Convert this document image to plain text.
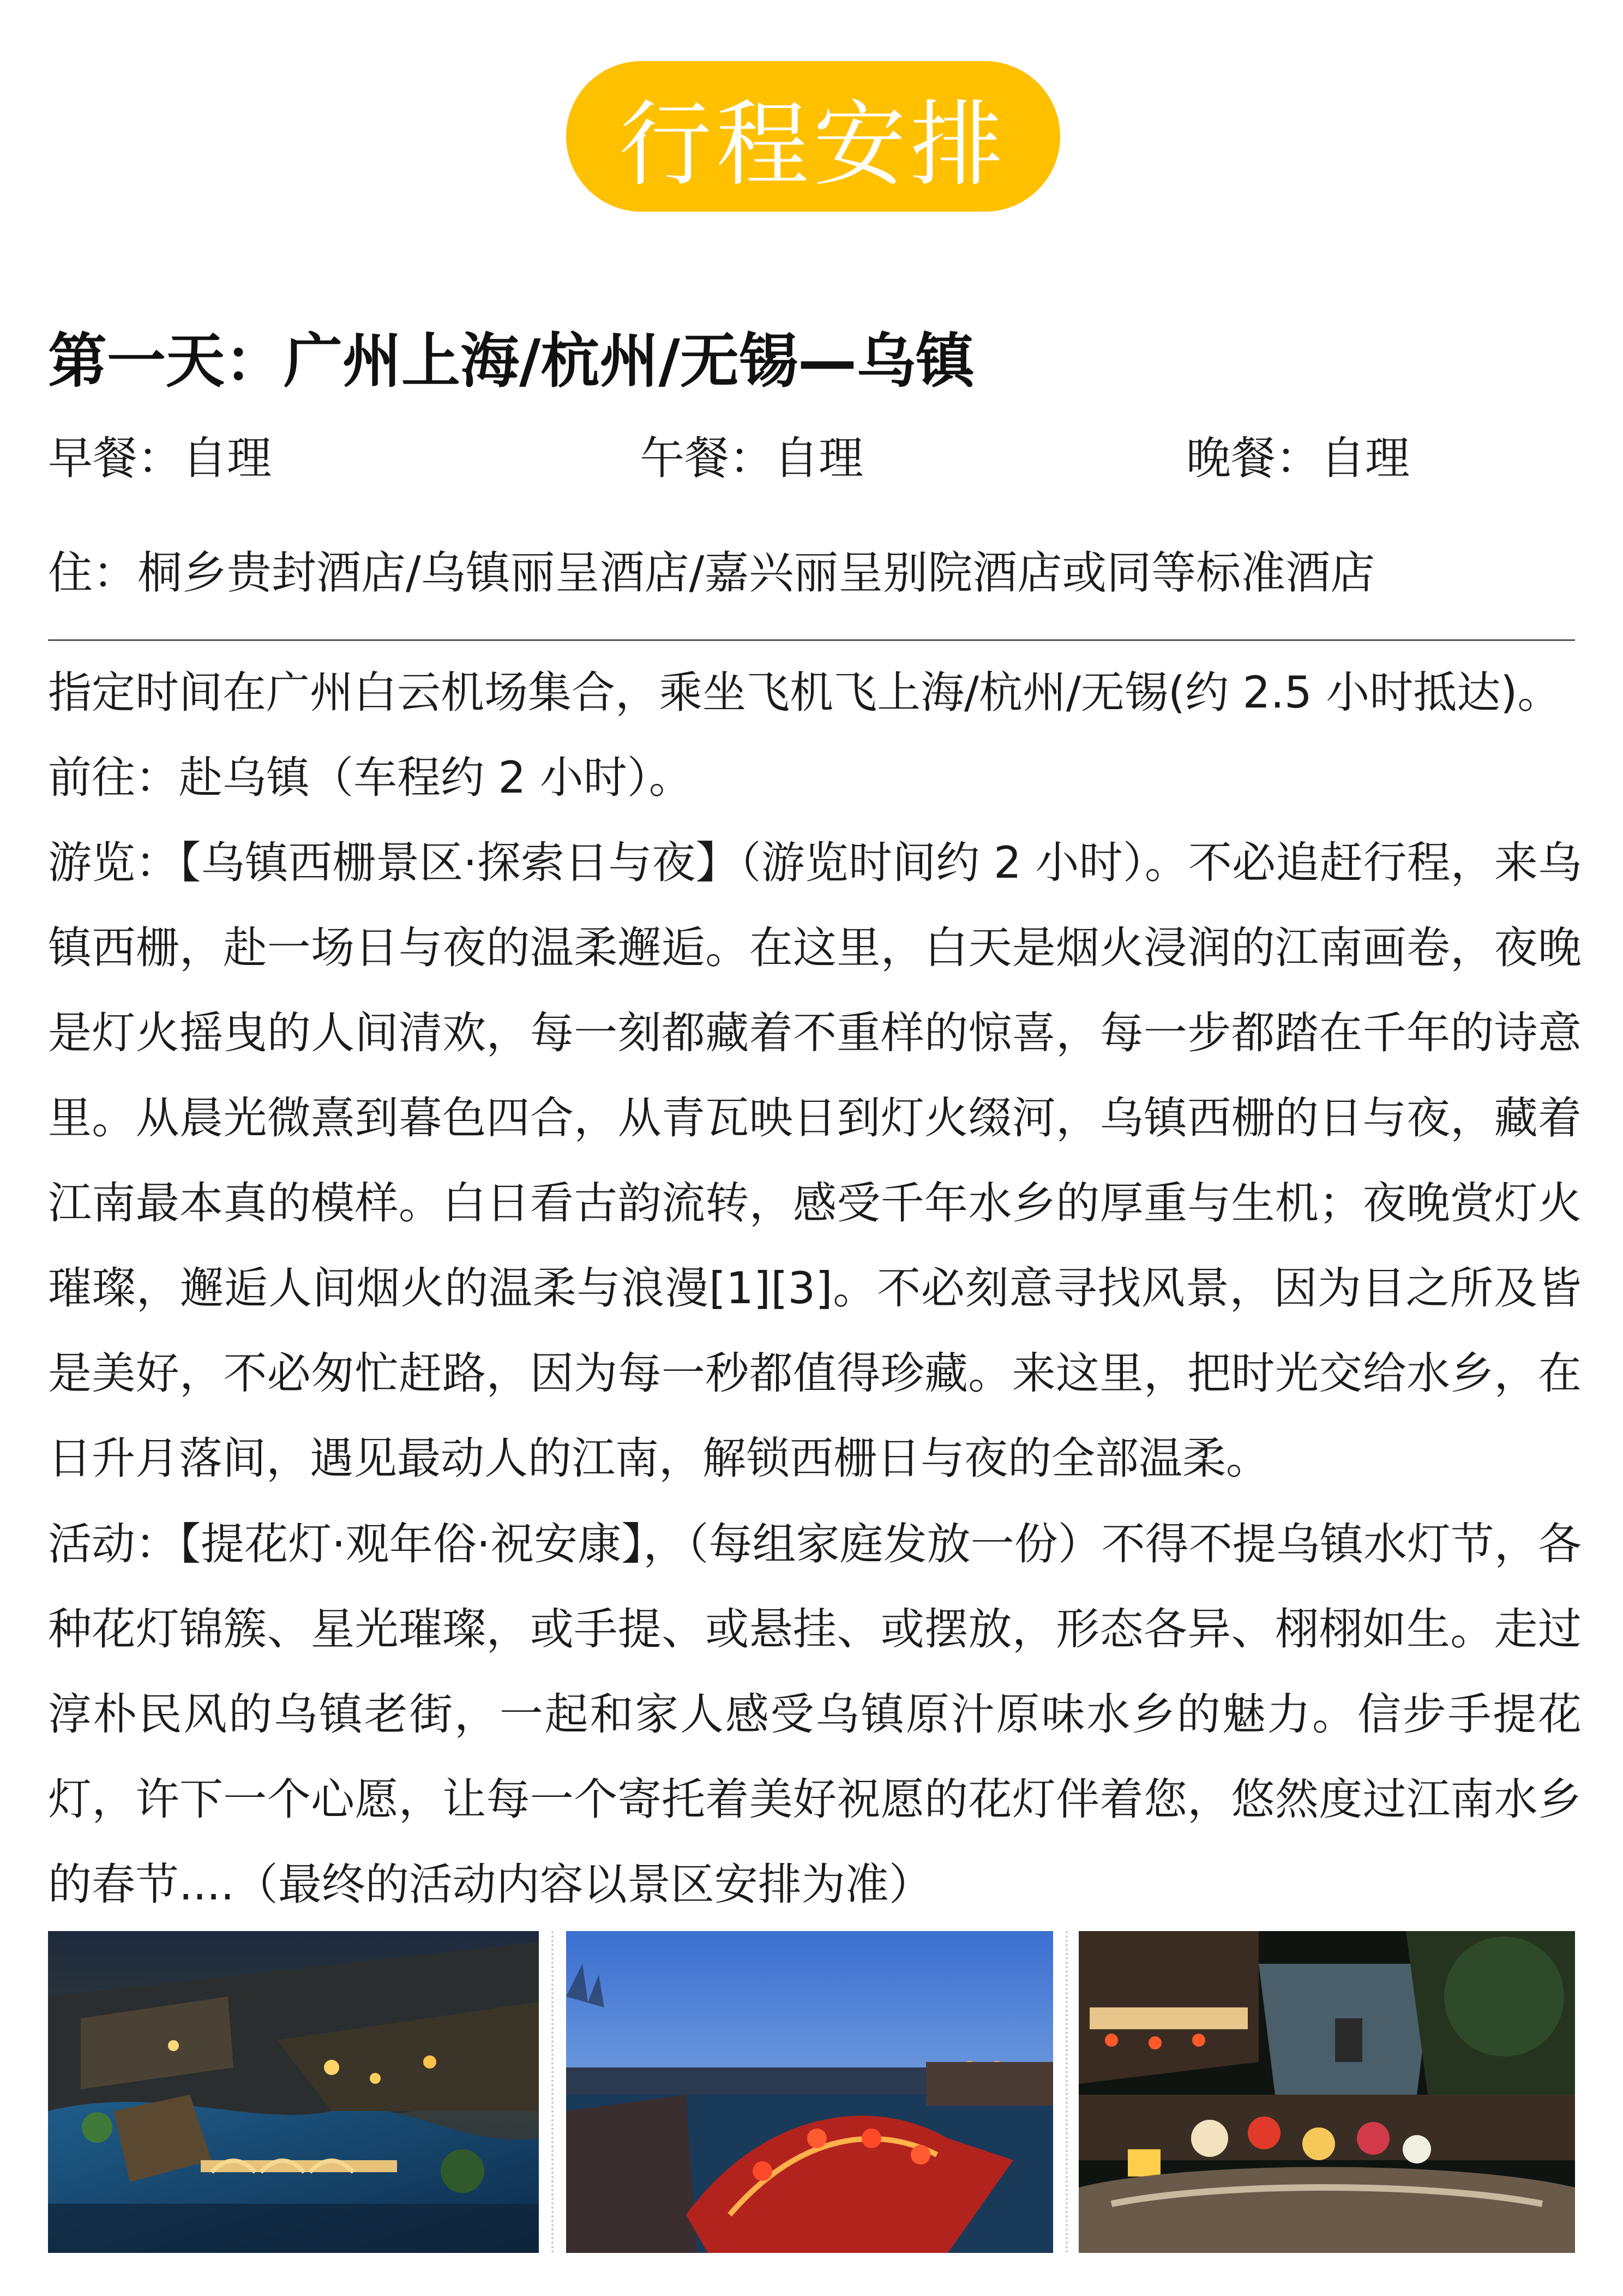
行程安排
第一天：广州上海/杭州/无锡—乌镇
早餐：自理	午餐：自理	晚餐：自理
住：桐乡贵封酒店/乌镇丽呈酒店/嘉兴丽呈别院酒店或同等标准酒店

指定时间在广州白云机场集合，乘坐飞机飞上海/杭州/无锡(约 2.5 小时抵达)。

前往：赴乌镇（车程约 2 小时）。

游览：【乌镇西栅景区·探索日与夜】（游览时间约 2 小时）。不必追赶行程，来乌镇西栅，赴一场日与夜的温柔邂逅。在这里，白天是烟火浸润的江南画卷，夜晚是灯火摇曳的人间清欢，每一刻都藏着不重样的惊喜，每一步都踏在千年的诗意里。从晨光微熹到暮色四合，从青瓦映日到灯火缀河，乌镇西栅的日与夜，藏着江南最本真的模样。白日看古韵流转，感受千年水乡的厚重与生机；夜晚赏灯火璀璨，邂逅人间烟火的温柔与浪漫[1][3]。不必刻意寻找风景，因为目之所及皆是美好，不必匆忙赶路，因为每一秒都值得珍藏。来这里，把时光交给水乡，在日升月落间，遇见最动人的江南，解锁西栅日与夜的全部温柔。

活动：【提花灯·观年俗·祝安康】，（每组家庭发放一份）不得不提乌镇水灯节，各种花灯锦簇、星光璀璨，或手提、或悬挂、或摆放，形态各异、栩栩如生。走过淳朴民风的乌镇老街，一起和家人感受乌镇原汁原味水乡的魅力。信步手提花灯，许下一个心愿，让每一个寄托着美好祝愿的花灯伴着您，悠然度过江南水乡的春节....（最终的活动内容以景区安排为准）
